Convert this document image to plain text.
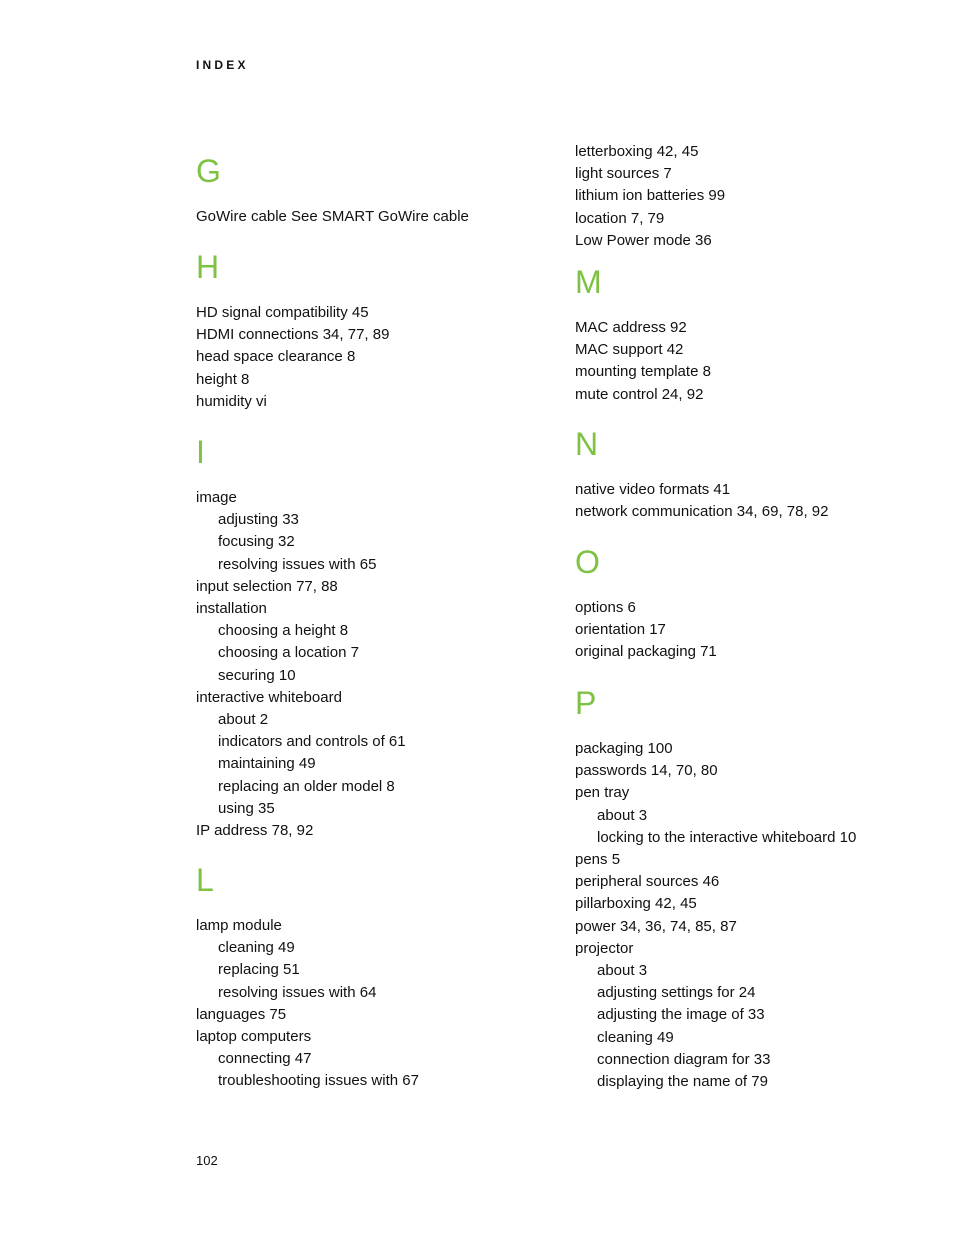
INDEX
G
GoWire cable See SMART GoWire cable
H
HD signal compatibility 45
HDMI connections 34, 77, 89
head space clearance 8
height 8
humidity vi
I
image
adjusting 33
focusing 32
resolving issues with 65
input selection 77, 88
installation
choosing a height 8
choosing a location 7
securing 10
interactive whiteboard
about 2
indicators and controls of 61
maintaining 49
replacing an older model 8
using 35
IP address 78, 92
L
lamp module
cleaning 49
replacing 51
resolving issues with 64
languages 75
laptop computers
connecting 47
troubleshooting issues with 67
letterboxing 42, 45
light sources 7
lithium ion batteries 99
location 7, 79
Low Power mode 36
M
MAC address 92
MAC support 42
mounting template 8
mute control 24, 92
N
native video formats 41
network communication 34, 69, 78, 92
O
options 6
orientation 17
original packaging 71
P
packaging 100
passwords 14, 70, 80
pen tray
about 3
locking to the interactive whiteboard 10
pens 5
peripheral sources 46
pillarboxing 42, 45
power 34, 36, 74, 85, 87
projector
about 3
adjusting settings for 24
adjusting the image of 33
cleaning 49
connection diagram for 33
displaying the name of 79
102
